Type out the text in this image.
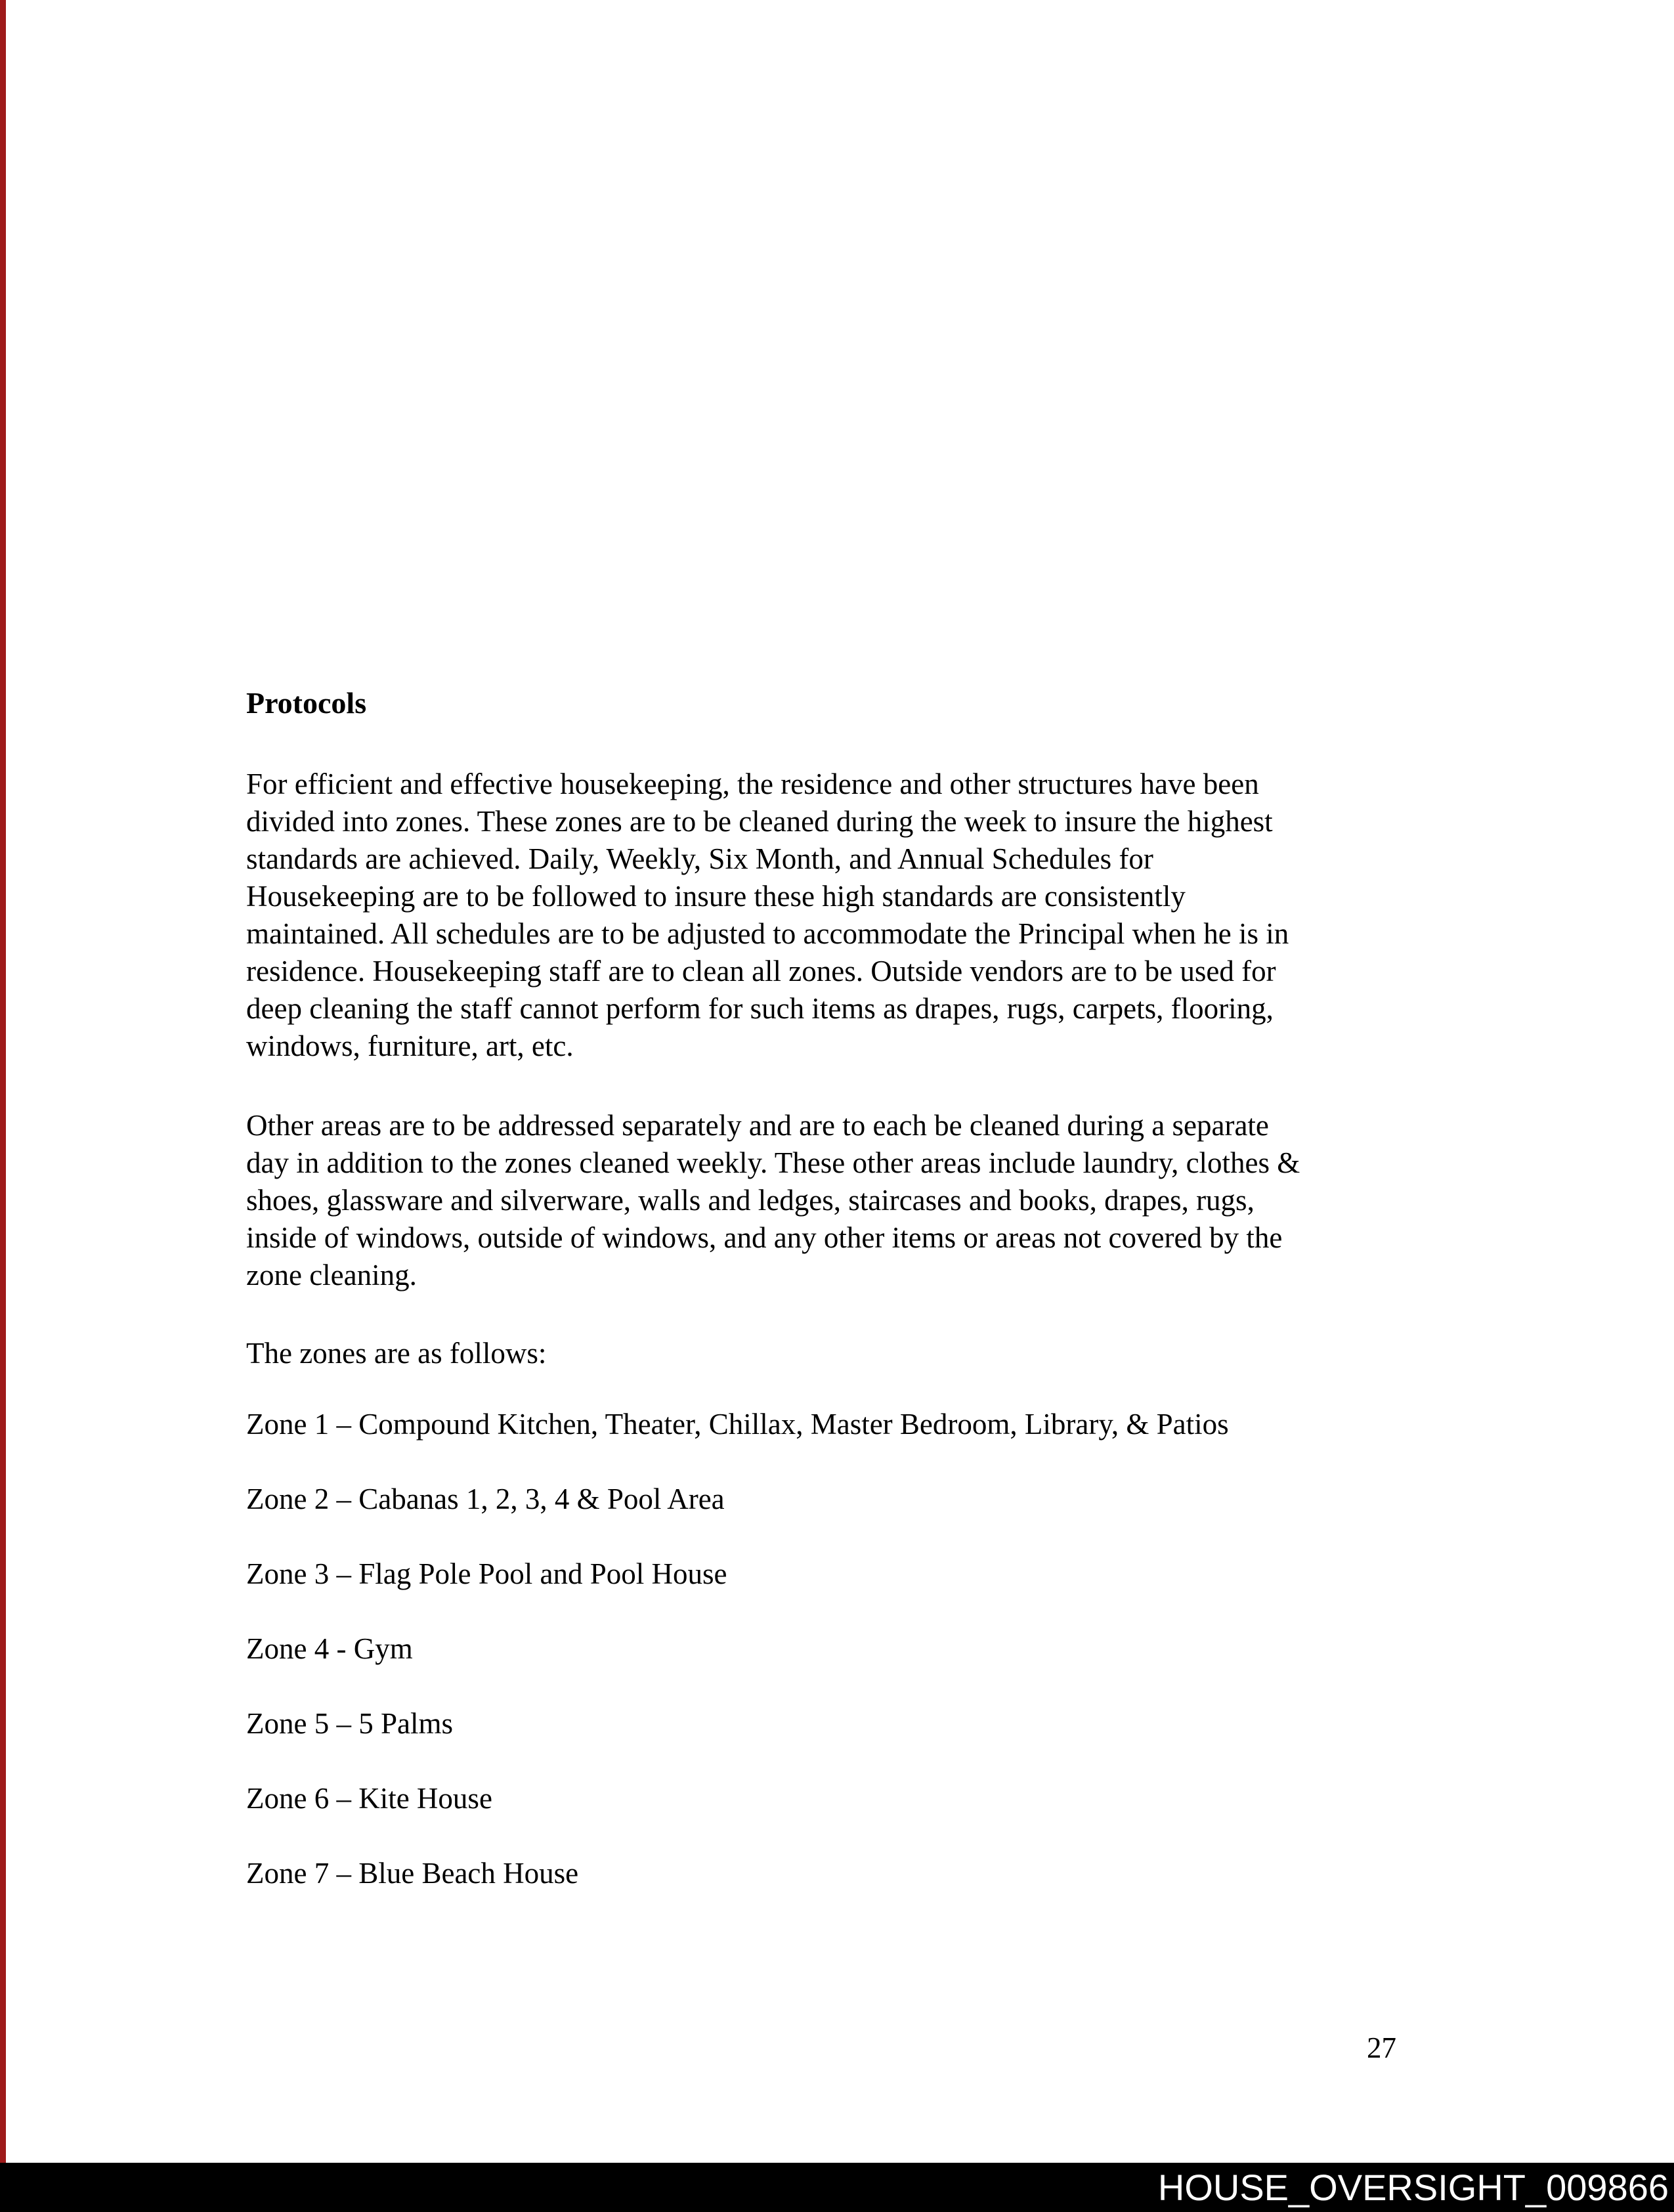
Protocols
For efficient and effective housekeeping, the residence and other structures have been
divided into zones. These zones are to be cleaned during the week to insure the highest
standards are achieved. Daily, Weekly, Six Month, and Annual Schedules for
Housekeeping are to be followed to insure these high standards are consistently
maintained. All schedules are to be adjusted to accommodate the Principal when he is in
residence. Housekeeping staff are to clean all zones. Outside vendors are to be used for
deep cleaning the staff cannot perform for such items as drapes, rugs, carpets, flooring,
windows, furniture, art, etc.
Other areas are to be addressed separately and are to each be cleaned during a separate
day in addition to the zones cleaned weekly. These other areas include laundry, clothes &
shoes, glassware and silverware, walls and ledges, staircases and books, drapes, rugs,
inside of windows, outside of windows, and any other items or areas not covered by the
zone cleaning.
The zones are as follows:
Zone 1 – Compound Kitchen, Theater, Chillax, Master Bedroom, Library, & Patios
Zone 2 – Cabanas 1, 2, 3, 4 & Pool Area
Zone 3 – Flag Pole Pool and Pool House
Zone 4 - Gym
Zone 5 – 5 Palms
Zone 6 – Kite House
Zone 7 – Blue Beach House
27
HOUSE_OVERSIGHT_009866
